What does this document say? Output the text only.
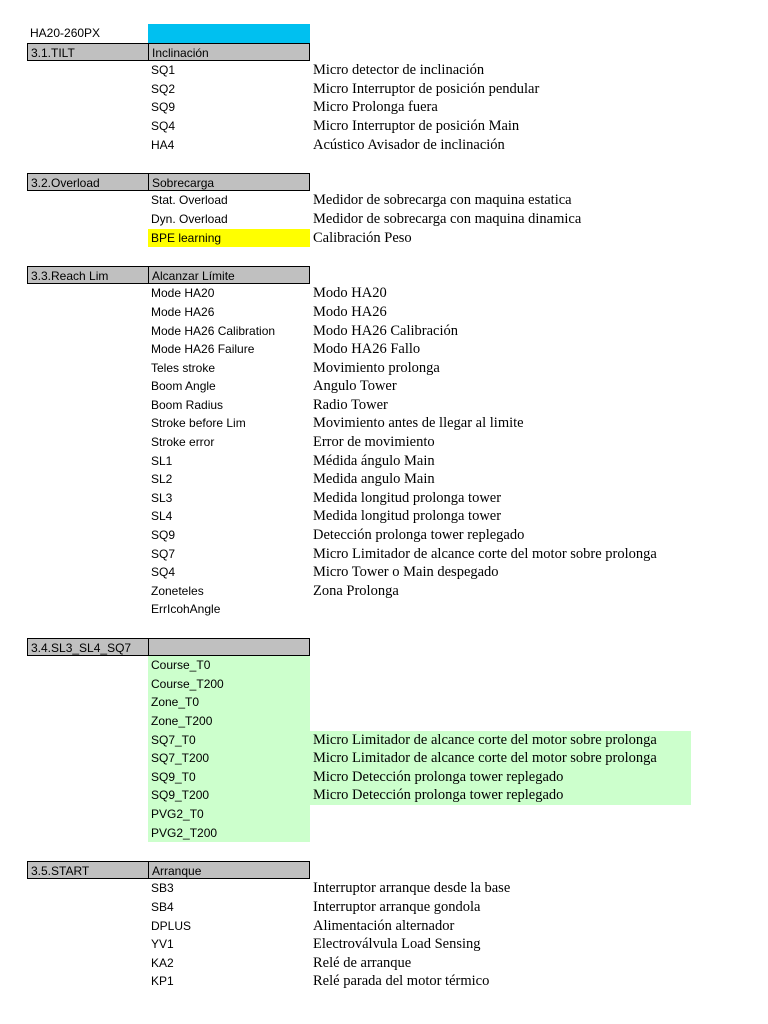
HA20-260PX
3.1.TILT	Inclinación
SQ1	Micro detector de inclinación
SQ2	Micro Interruptor de posición pendular
SQ9	Micro Prolonga fuera
SQ4	Micro Interruptor de posición Main
HA4	Acústico Avisador de inclinación
3.2.Overload	Sobrecarga
Stat. Overload	Medidor de sobrecarga con maquina estatica
Dyn. Overload	Medidor de sobrecarga con maquina dinamica
BPE learning	Calibración Peso
3.3.Reach Lim	Alcanzar Límite
Mode HA20	Modo HA20
Mode HA26	Modo HA26
Mode HA26 Calibration	Modo HA26 Calibración
Mode HA26 Failure	Modo HA26 Fallo
Teles stroke	Movimiento prolonga
Boom Angle	Angulo Tower
Boom Radius	Radio Tower
Stroke before Lim	Movimiento antes de llegar al limite
Stroke error	Error de movimiento
SL1	Médida ángulo Main
SL2	Medida angulo Main
SL3	Medida longitud prolonga tower
SL4	Medida longitud prolonga tower
SQ9	Detección prolonga tower replegado
SQ7	Micro Limitador de alcance corte del motor sobre prolonga
SQ4	Micro Tower o Main despegado
Zoneteles	Zona Prolonga
ErrIcohAngle
3.4.SL3_SL4_SQ7
Course_T0
Course_T200
Zone_T0
Zone_T200
SQ7_T0	Micro Limitador de alcance corte del motor sobre prolonga
SQ7_T200	Micro Limitador de alcance corte del motor sobre prolonga
SQ9_T0	Micro Detección prolonga tower replegado
SQ9_T200	Micro Detección prolonga tower replegado
PVG2_T0
PVG2_T200
3.5.START	Arranque
SB3	Interruptor arranque desde la base
SB4	Interruptor arranque gondola
DPLUS	Alimentación alternador
YV1	Electroválvula Load Sensing
KA2	Relé de arranque
KP1	Relé parada del motor térmico
